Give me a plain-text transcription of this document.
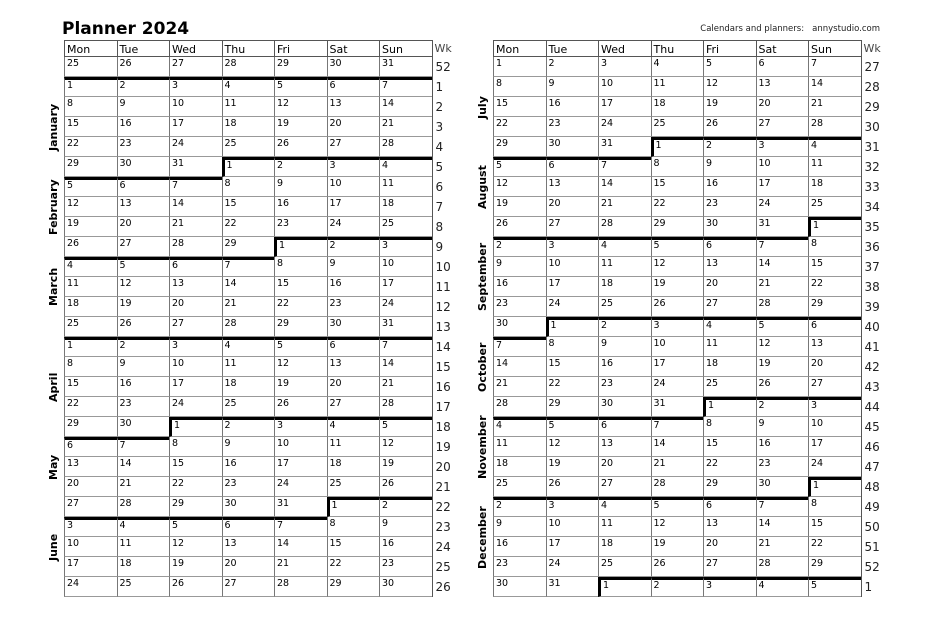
Planner 2024	Calendars and planners:   annystudio.com
Mon	Tue	Wed	Thu	Fri	Sat	Sun	Wk
25	26	27	28	29	30	31	52
1	2	3	4	5	6	7	1
8	9	10	11	12	13	14	2
15	16	17	18	19	20	21	3
22	23	24	25	26	27	28	4
29	30	31	1	2	3	4	5
5	6	7	8	9	10	11	6
12	13	14	15	16	17	18	7
19	20	21	22	23	24	25	8
26	27	28	29	1	2	3	9
4	5	6	7	8	9	10	10
11	12	13	14	15	16	17	11
18	19	20	21	22	23	24	12
25	26	27	28	29	30	31	13
1	2	3	4	5	6	7	14
8	9	10	11	12	13	14	15
15	16	17	18	19	20	21	16
22	23	24	25	26	27	28	17
29	30	1	2	3	4	5	18
6	7	8	9	10	11	12	19
13	14	15	16	17	18	19	20
20	21	22	23	24	25	26	21
27	28	29	30	31	1	2	22
3	4	5	6	7	8	9	23
10	11	12	13	14	15	16	24
17	18	19	20	21	22	23	25
24	25	26	27	28	29	30	26
January
February
March
April
May
June
Mon	Tue	Wed	Thu	Fri	Sat	Sun	Wk
1	2	3	4	5	6	7	27
8	9	10	11	12	13	14	28
15	16	17	18	19	20	21	29
22	23	24	25	26	27	28	30
29	30	31	1	2	3	4	31
5	6	7	8	9	10	11	32
12	13	14	15	16	17	18	33
19	20	21	22	23	24	25	34
26	27	28	29	30	31	1	35
2	3	4	5	6	7	8	36
9	10	11	12	13	14	15	37
16	17	18	19	20	21	22	38
23	24	25	26	27	28	29	39
30	1	2	3	4	5	6	40
7	8	9	10	11	12	13	41
14	15	16	17	18	19	20	42
21	22	23	24	25	26	27	43
28	29	30	31	1	2	3	44
4	5	6	7	8	9	10	45
11	12	13	14	15	16	17	46
18	19	20	21	22	23	24	47
25	26	27	28	29	30	1	48
2	3	4	5	6	7	8	49
9	10	11	12	13	14	15	50
16	17	18	19	20	21	22	51
23	24	25	26	27	28	29	52
30	31	1	2	3	4	5	1
July
August
September
October
November
December
